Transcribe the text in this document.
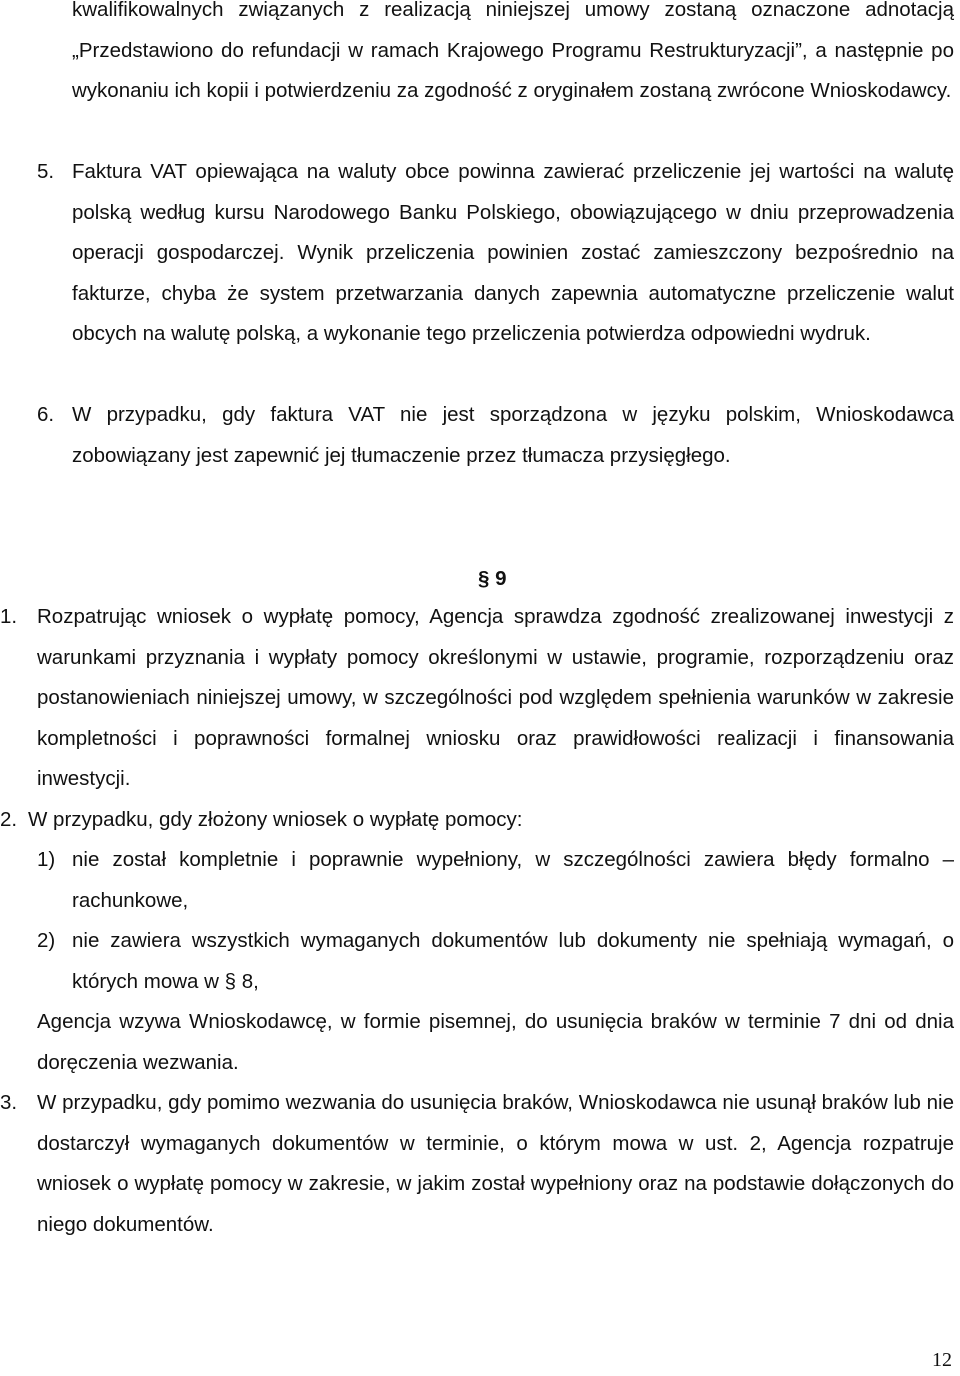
kwalifikowalnych związanych z realizacją niniejszej umowy zostaną oznaczone adnotacją „Przedstawiono do refundacji w ramach Krajowego Programu Restrukturyzacji”, a następnie po wykonaniu ich kopii i potwierdzeniu za zgodność z oryginałem zostaną zwrócone Wnioskodawcy.

5. Faktura VAT opiewająca na waluty obce powinna zawierać przeliczenie jej wartości na walutę polską według kursu Narodowego Banku Polskiego, obowiązującego w dniu przeprowadzenia operacji gospodarczej. Wynik przeliczenia powinien zostać zamieszczony bezpośrednio na fakturze, chyba że system przetwarzania danych zapewnia automatyczne przeliczenie walut obcych na walutę polską, a wykonanie tego przeliczenia potwierdza odpowiedni wydruk.

6. W przypadku, gdy faktura VAT nie jest sporządzona w języku polskim, Wnioskodawca zobowiązany jest zapewnić jej tłumaczenie przez tłumacza przysięgłego.

§ 9
1. Rozpatrując wniosek o wypłatę pomocy, Agencja sprawdza zgodność zrealizowanej inwestycji z warunkami przyznania i wypłaty pomocy określonymi w ustawie, programie, rozporządzeniu oraz postanowieniach niniejszej umowy, w szczególności pod względem spełnienia warunków w zakresie kompletności i poprawności formalnej wniosku oraz prawidłowości realizacji i finansowania inwestycji.

2. W przypadku, gdy złożony wniosek o wypłatę pomocy:

1) nie został kompletnie i poprawnie wypełniony, w szczególności zawiera błędy formalno – rachunkowe,

2) nie zawiera wszystkich wymaganych dokumentów lub dokumenty nie spełniają wymagań, o których mowa w § 8,

Agencja wzywa Wnioskodawcę, w formie pisemnej, do usunięcia braków w terminie 7 dni od dnia doręczenia wezwania.

3. W przypadku, gdy pomimo wezwania do usunięcia braków, Wnioskodawca nie usunął braków lub nie dostarczył wymaganych dokumentów w terminie, o którym mowa w ust. 2, Agencja rozpatruje wniosek o wypłatę pomocy w zakresie, w jakim został wypełniony oraz na podstawie dołączonych do niego dokumentów.

12
